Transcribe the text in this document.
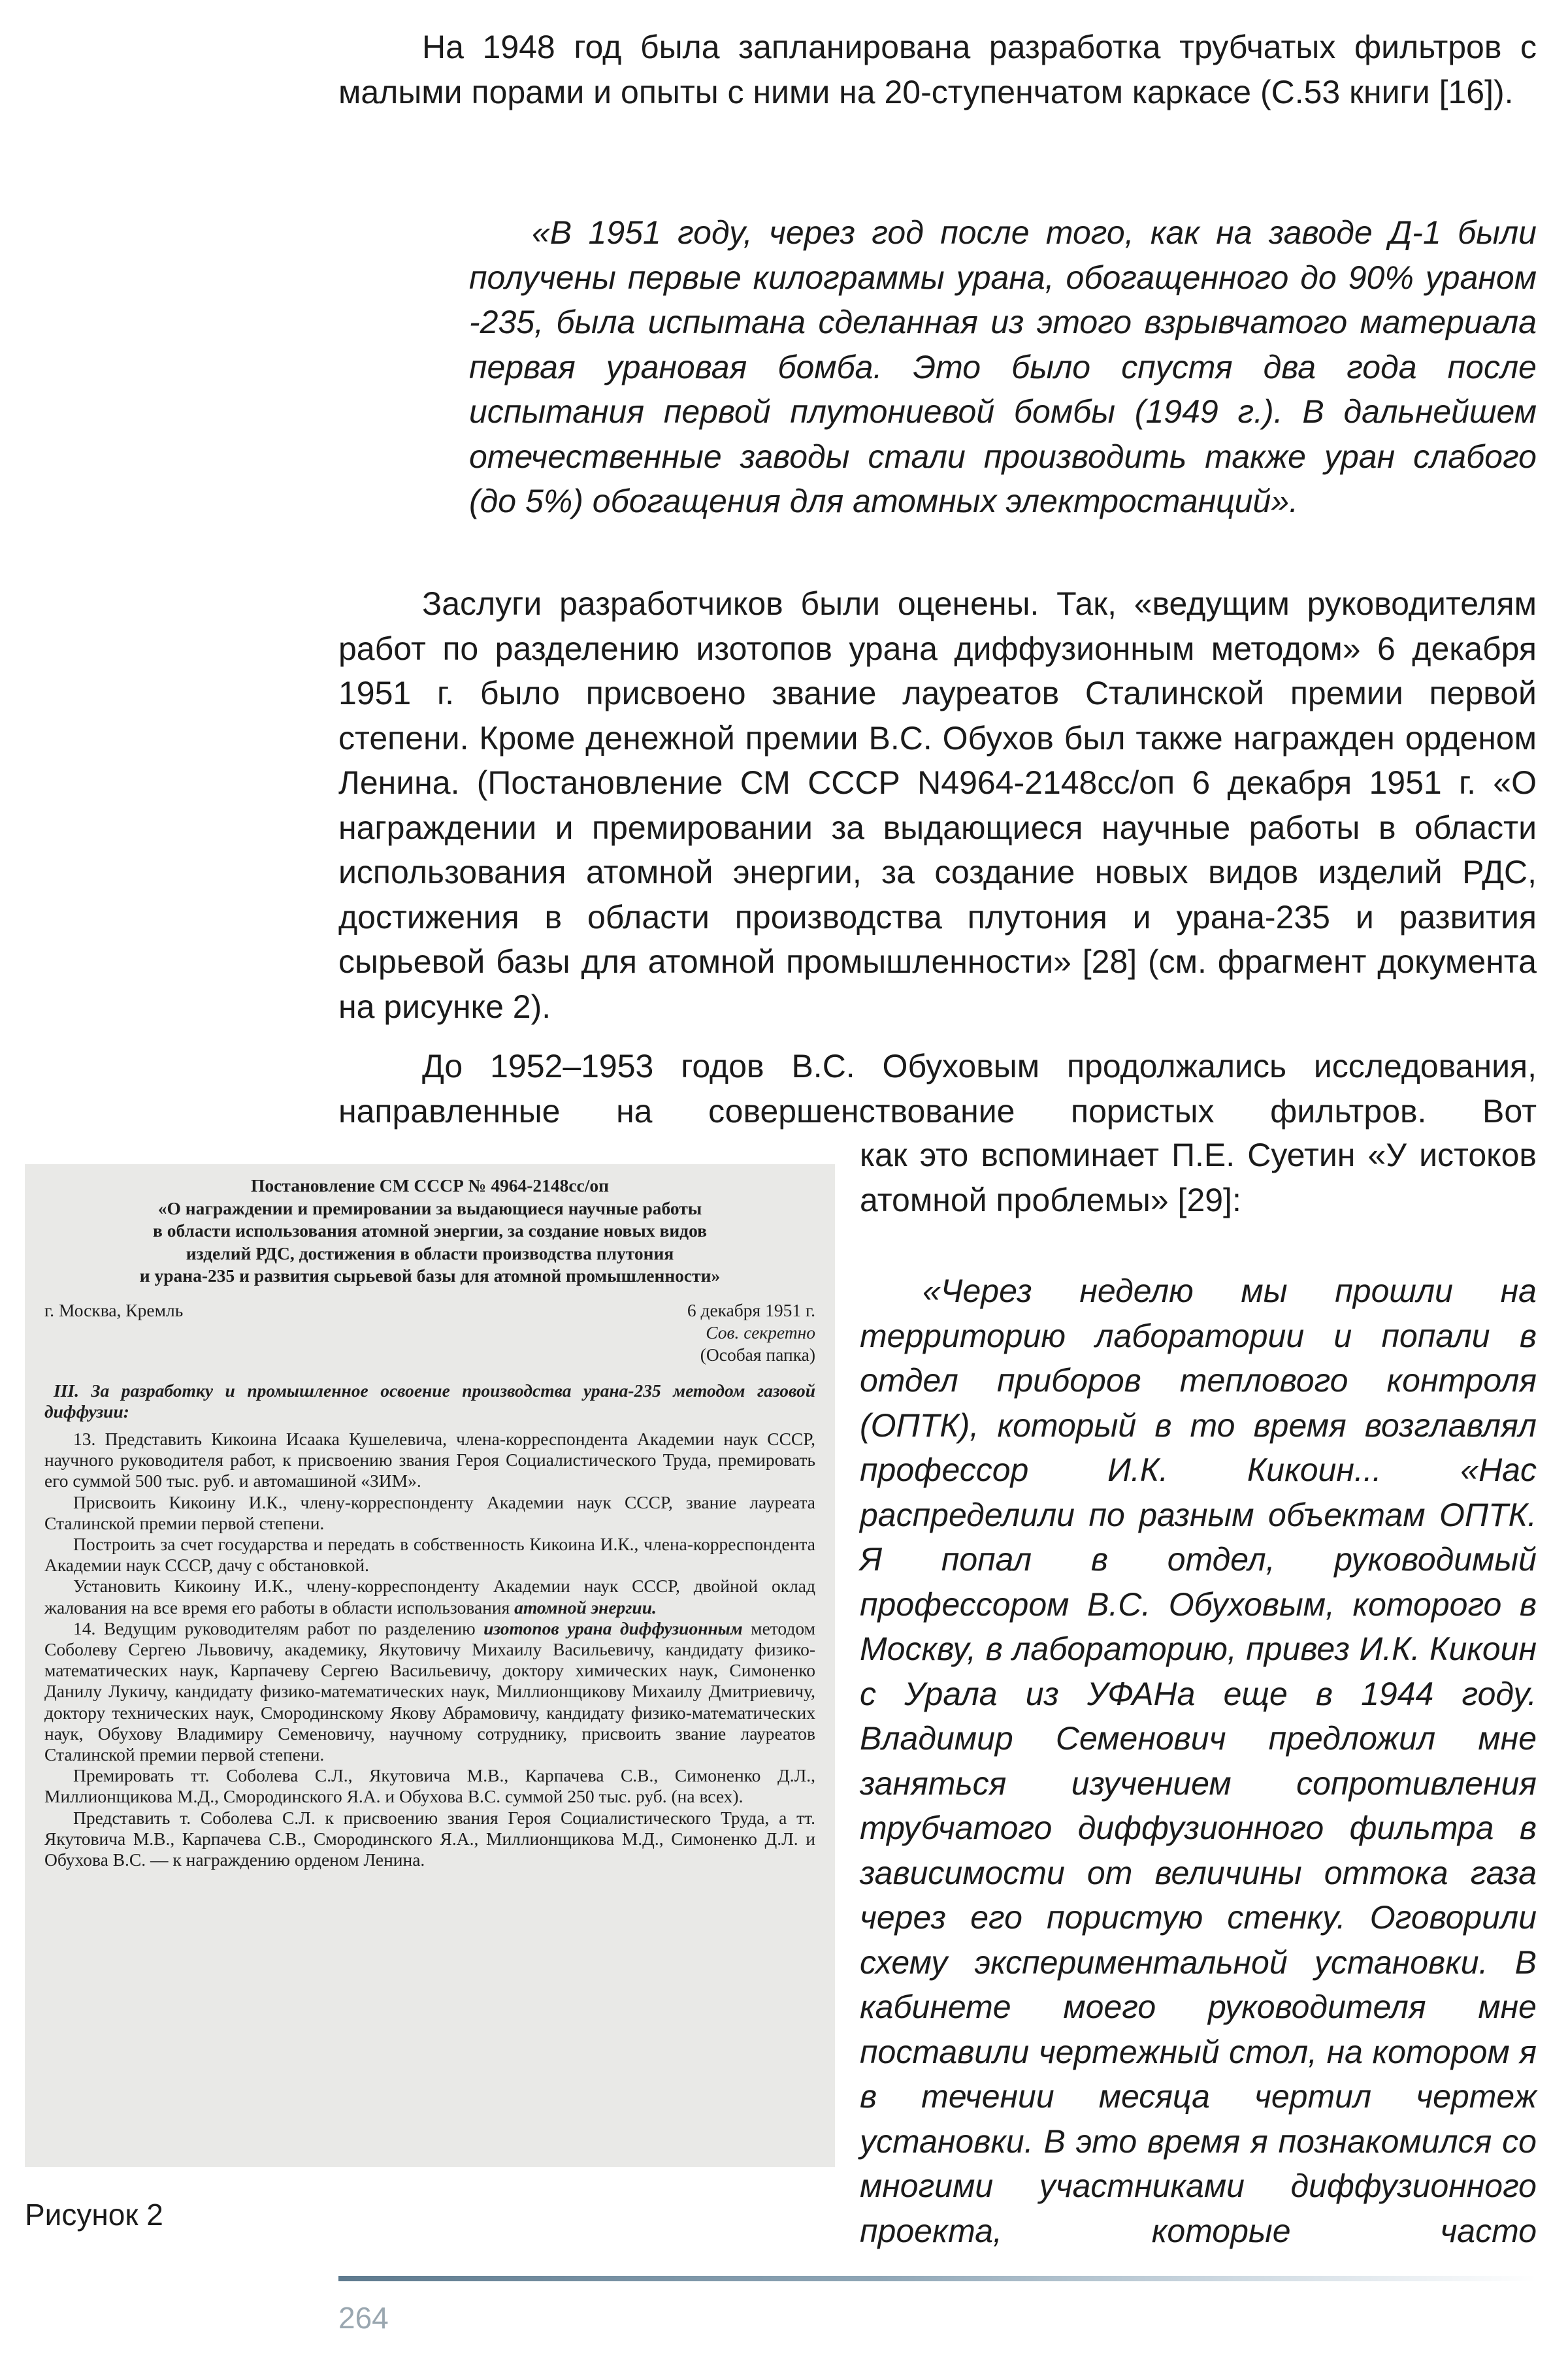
На 1948 год была запланирована разработка трубчатых фильтров с малыми порами и опыты с ними на 20-ступенчатом каркасе (С.53 книги [16]).

«В 1951 году, через год после того, как на заводе Д-1 были получены первые килограммы урана, обогащенного до 90% ураном -235, была испытана сделанная из этого взрывчатого материала первая урановая бомба. Это было спустя два года после испытания первой плутониевой бомбы (1949 г.). В дальнейшем отечественные заводы стали производить также уран слабого (до 5%) обогащения для атомных электростанций».

Заслуги разработчиков были оценены. Так, «ведущим руководителям работ по разделению изотопов урана диффузионным методом» 6 декабря 1951 г. было присвоено звание лауреатов Сталинской премии первой степени. Кроме денежной премии В.С. Обухов был также награжден орденом Ленина. (Постановление СМ СССР N4964-2148cc/оп 6 декабря 1951 г. «О награждении и премировании за выдающиеся научные работы в области использования атомной энергии, за создание новых видов изделий РДС, достижения в области производства плутония и урана-235 и развития сырьевой базы для атомной промышленности» [28] (см. фрагмент документа на рисунке 2).

До 1952–1953 годов В.С. Обуховым продолжались исследования, направленные на совершенствование пористых фильтров. Вот

как это вспоминает П.Е. Суетин «У истоков атомной проблемы» [29]:

«Через неделю мы прошли на территорию лаборатории и попали в отдел приборов теплового контроля (ОПТК), который в то время возглавлял профессор И.К. Кикоин... «Нас распределили по разным объектам ОПТК. Я попал в отдел, руководимый профессором В.С. Обуховым, которого в Москву, в лабораторию, привез И.К. Кикоин с Урала из УФАНа еще в 1944 году. Владимир Семенович предложил мне заняться изучением сопротивления трубчатого диффузионного фильтра в зависимости от величины оттока газа через его пористую стенку. Оговорили схему экспериментальной установки. В кабинете моего руководителя мне поставили чертежный стол, на котором я в течении месяца чертил чертеж установки. В это время я познакомился со многими участниками диффузионного проекта, которые часто

Постановление СМ СССР № 4964-2148сс/оп
«О награждении и премировании за выдающиеся научные работы
в области использования атомной энергии, за создание новых видов
изделий РДС, достижения в области производства плутония
и урана-235 и развития сырьевой базы для атомной промышленности»
г. Москва, Кремль	6 декабря 1951 г.
Сов. секретно
(Особая папка)

III. За разработку и промышленное освоение производства урана-235 методом газовой диффузии:

13. Представить Кикоина Исаака Кушелевича, члена-корреспондента Академии наук СССР, научного руководителя работ, к присвоению звания Героя Социалистического Труда, премировать его суммой 500 тыс. руб. и автомашиной «ЗИМ».

Присвоить Кикоину И.К., члену-корреспонденту Академии наук СССР, звание лауреата Сталинской премии первой степени.

Построить за счет государства и передать в собственность Кикоина И.К., члена-корреспондента Академии наук СССР, дачу с обстановкой.

Установить Кикоину И.К., члену-корреспонденту Академии наук СССР, двойной оклад жалования на все время его работы в области использования атомной энергии.

14. Ведущим руководителям работ по разделению изотопов урана диффузионным методом Соболеву Сергею Львовичу, академику, Якутовичу Михаилу Васильевичу, кандидату физико-математических наук, Карпачеву Сергею Васильевичу, доктору химических наук, Симоненко Данилу Лукичу, кандидату физико-математических наук, Миллионщикову Михаилу Дмитриевичу, доктору технических наук, Смородинскому Якову Абрамовичу, кандидату физико-математических наук, Обухову Владимиру Семеновичу, научному сотруднику, присвоить звание лауреатов Сталинской премии первой степени.

Премировать тт. Соболева С.Л., Якутовича М.В., Карпачева С.В., Симоненко Д.Л., Миллионщикова М.Д., Смородинского Я.А. и Обухова В.С. суммой 250 тыс. руб. (на всех).

Представить т. Соболева С.Л. к присвоению звания Героя Социалистического Труда, а тт. Якутовича М.В., Карпачева С.В., Смородинского Я.А., Миллионщикова М.Д., Симоненко Д.Л. и Обухова В.С. — к награждению орденом Ленина.

Рисунок 2

264
